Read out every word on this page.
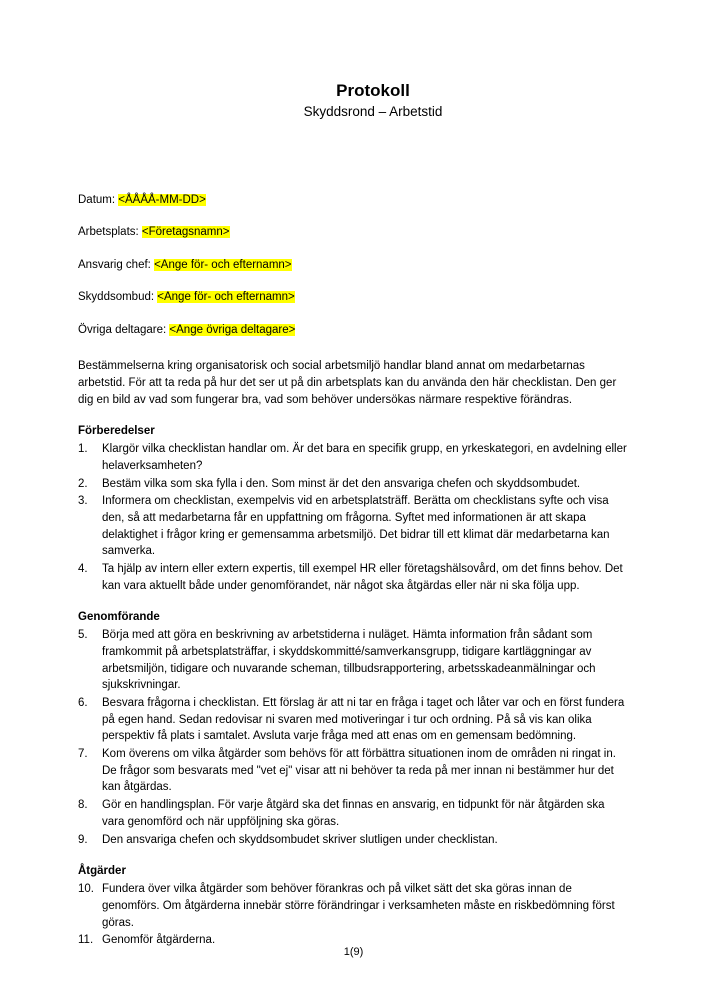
Protokoll
Skyddsrond – Arbetstid
Datum: <ÅÅÅÅ-MM-DD>
Arbetsplats: <Företagsnamn>
Ansvarig chef: <Ange för- och efternamn>
Skyddsombud: <Ange för- och efternamn>
Övriga deltagare: <Ange övriga deltagare>

Bestämmelserna kring organisatorisk och social arbetsmiljö handlar bland annat om medarbetarnas arbetstid. För att ta reda på hur det ser ut på din arbetsplats kan du använda den här checklistan. Den ger dig en bild av vad som fungerar bra, vad som behöver undersökas närmare respektive förändras.

Förberedelser
1.	Klargör vilka checklistan handlar om. Är det bara en specifik grupp, en yrkeskategori, en avdelning eller helaverksamheten?
2.	Bestäm vilka som ska fylla i den. Som minst är det den ansvariga chefen och skyddsombudet.
3.	Informera om checklistan, exempelvis vid en arbetsplatsträff. Berätta om checklistans syfte och visa den, så att medarbetarna får en uppfattning om frågorna. Syftet med informationen är att skapa delaktighet i frågor kring er gemensamma arbetsmiljö. Det bidrar till ett klimat där medarbetarna kan samverka.
4.	Ta hjälp av intern eller extern expertis, till exempel HR eller företagshälsovård, om det finns behov. Det kan vara aktuellt både under genomförandet, när något ska åtgärdas eller när ni ska följa upp.
Genomförande
5.	Börja med att göra en beskrivning av arbetstiderna i nuläget. Hämta information från sådant som framkommit på arbetsplatsträffar, i skyddskommitté/samverkansgrupp, tidigare kartläggningar av arbetsmiljön, tidigare och nuvarande scheman, tillbudsrapportering, arbetsskadeanmälningar och sjukskrivningar.
6.	Besvara frågorna i checklistan. Ett förslag är att ni tar en fråga i taget och låter var och en först fundera på egen hand. Sedan redovisar ni svaren med motiveringar i tur och ordning. På så vis kan olika perspektiv få plats i samtalet. Avsluta varje fråga med att enas om en gemensam bedömning.
7.	Kom överens om vilka åtgärder som behövs för att förbättra situationen inom de områden ni ringat in. De frågor som besvarats med "vet ej" visar att ni behöver ta reda på mer innan ni bestämmer hur det kan åtgärdas.
8.	Gör en handlingsplan. För varje åtgärd ska det finnas en ansvarig, en tidpunkt för när åtgärden ska vara genomförd och när uppföljning ska göras.
9.	Den ansvariga chefen och skyddsombudet skriver slutligen under checklistan.
Åtgärder
10. Fundera över vilka åtgärder som behöver förankras och på vilket sätt det ska göras innan de genomförs. Om åtgärderna innebär större förändringar i verksamheten måste en riskbedömning först göras.
11. Genomför åtgärderna.
1(9)
